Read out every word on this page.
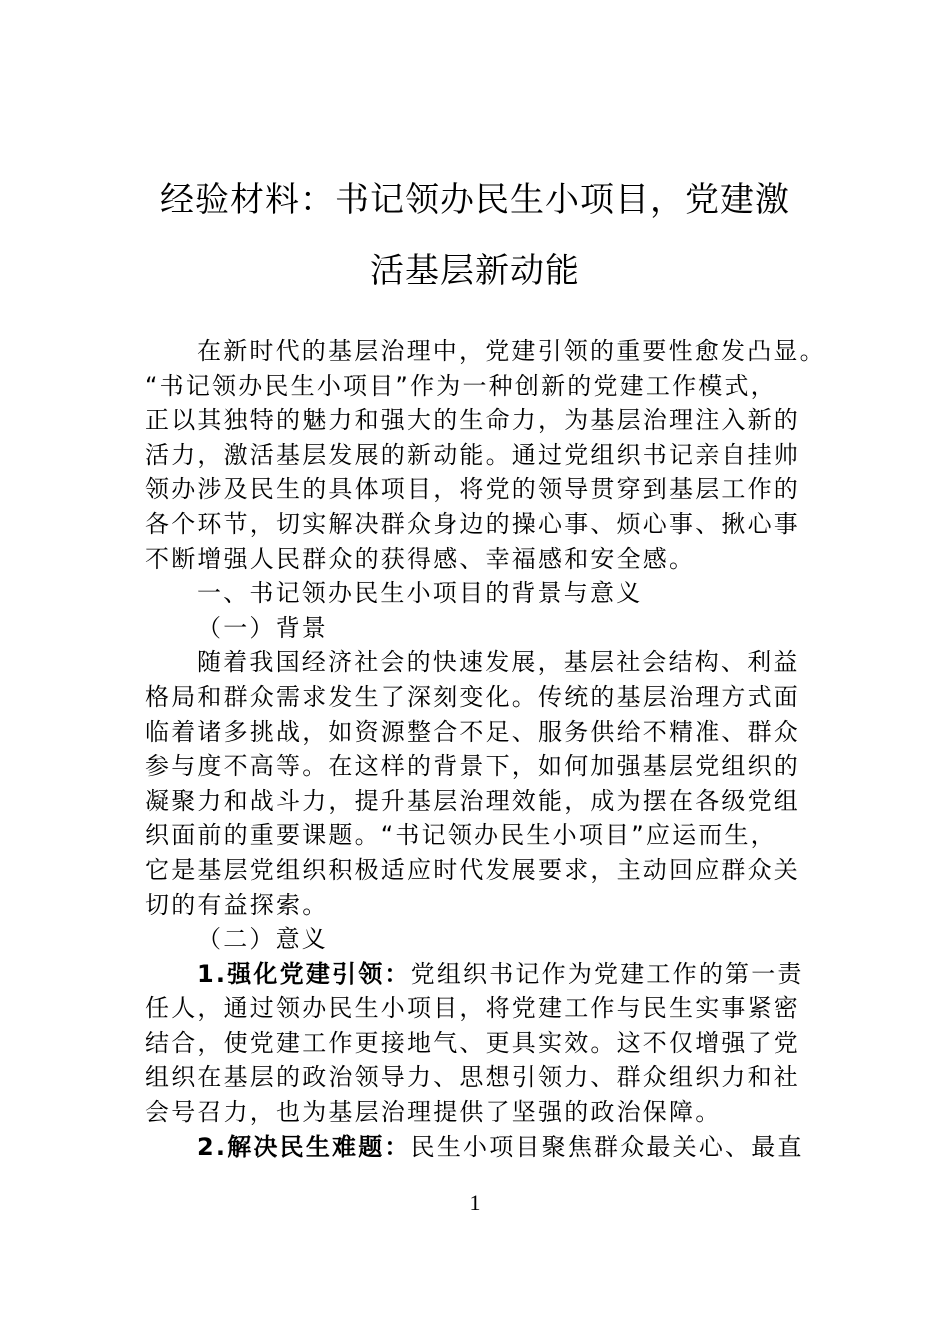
经验材料：书记领办民生小项目，党建激
活基层新动能
在新时代的基层治理中，党建引领的重要性愈发凸显。
“书记领办民生小项目”作为一种创新的党建工作模式，
正以其独特的魅力和强大的生命力，为基层治理注入新的
活力，激活基层发展的新动能。通过党组织书记亲自挂帅
领办涉及民生的具体项目，将党的领导贯穿到基层工作的
各个环节，切实解决群众身边的操心事、烦心事、揪心事
不断增强人民群众的获得感、幸福感和安全感。
一、书记领办民生小项目的背景与意义
（一）背景
随着我国经济社会的快速发展，基层社会结构、利益
格局和群众需求发生了深刻变化。传统的基层治理方式面
临着诸多挑战，如资源整合不足、服务供给不精准、群众
参与度不高等。在这样的背景下，如何加强基层党组织的
凝聚力和战斗力，提升基层治理效能，成为摆在各级党组
织面前的重要课题。“书记领办民生小项目”应运而生，
它是基层党组织积极适应时代发展要求，主动回应群众关
切的有益探索。
（二）意义
1.强化党建引领：党组织书记作为党建工作的第一责
任人，通过领办民生小项目，将党建工作与民生实事紧密
结合，使党建工作更接地气、更具实效。这不仅增强了党
组织在基层的政治领导力、思想引领力、群众组织力和社
会号召力，也为基层治理提供了坚强的政治保障。
2.解决民生难题：民生小项目聚焦群众最关心、最直
1
